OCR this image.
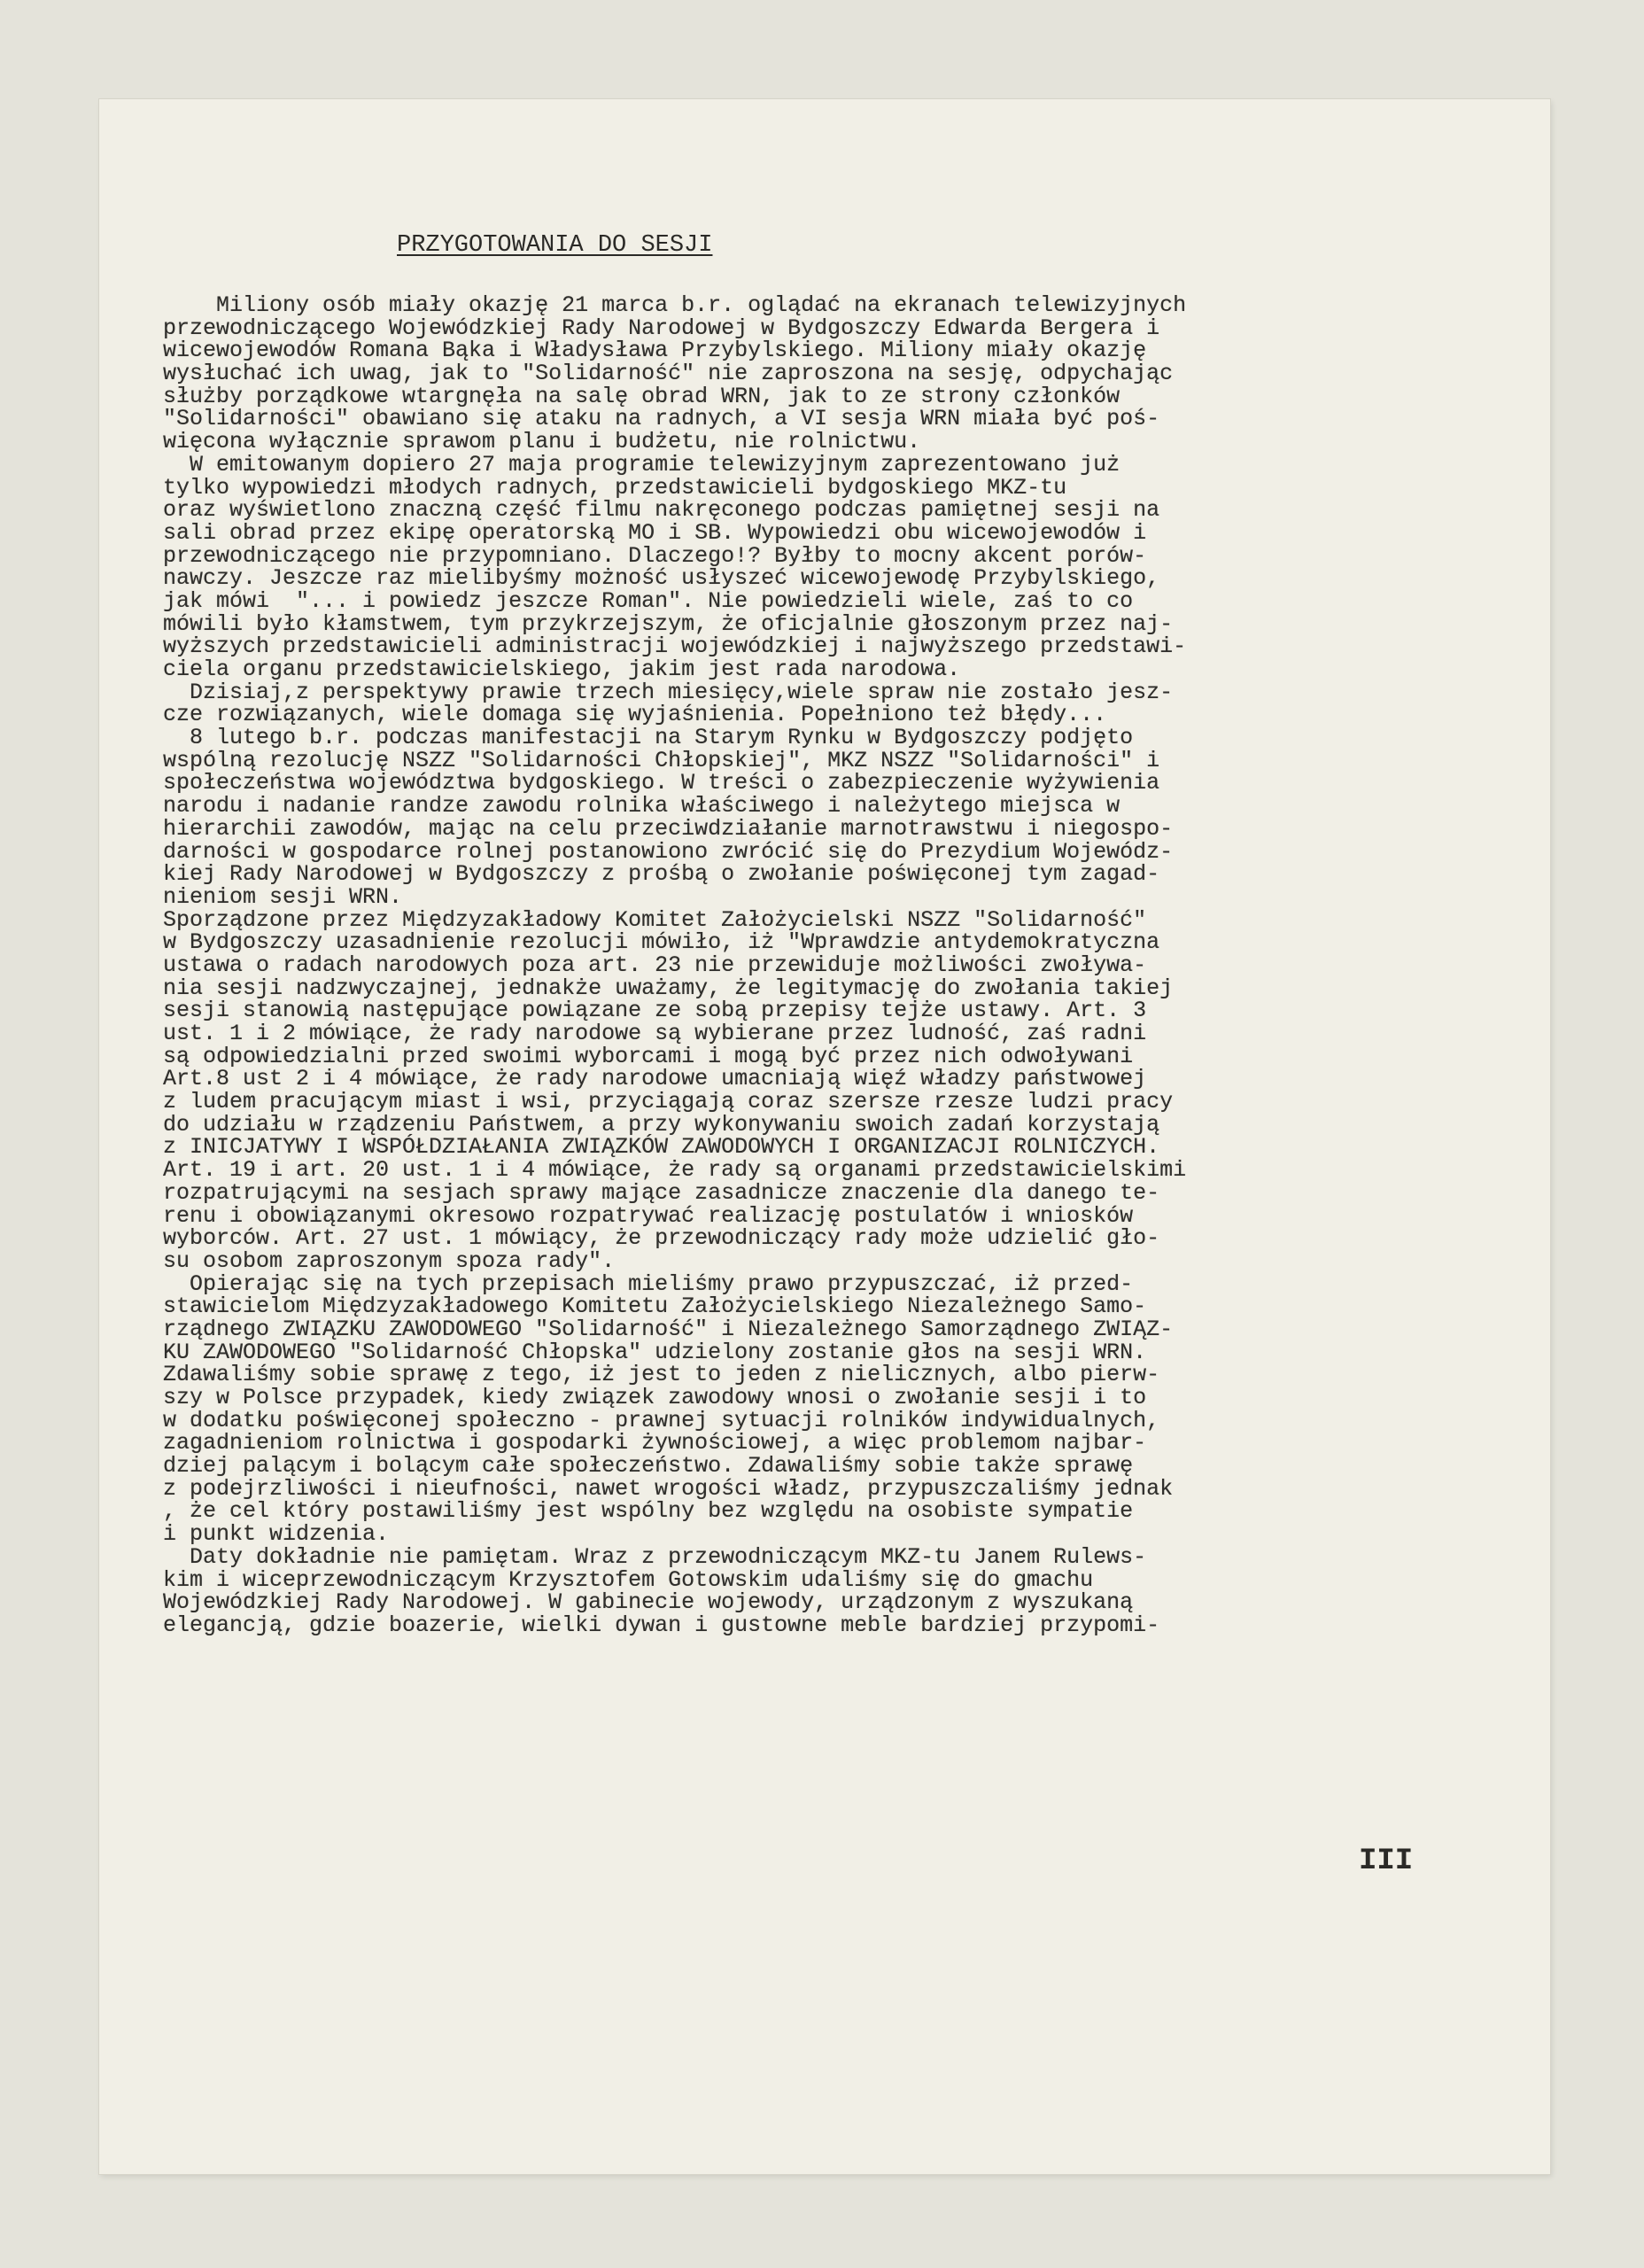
PRZYGOTOWANIA DO SESJI
Miliony osób miały okazję 21 marca b.r. oglądać na ekranach telewizyjnych
przewodniczącego Wojewódzkiej Rady Narodowej w Bydgoszczy Edwarda Bergera i
wicewojewodów Romana Bąka i Władysława Przybylskiego. Miliony miały okazję
wysłuchać ich uwag, jak to "Solidarność" nie zaproszona na sesję, odpychając
służby porządkowe wtargnęła na salę obrad WRN, jak to ze strony członków
"Solidarności" obawiano się ataku na radnych, a VI sesja WRN miała być poś-
więcona wyłącznie sprawom planu i budżetu, nie rolnictwu.
W emitowanym dopiero 27 maja programie telewizyjnym zaprezentowano już
tylko wypowiedzi młodych radnych, przedstawicieli bydgoskiego MKZ-tu
oraz wyświetlono znaczną część filmu nakręconego podczas pamiętnej sesji na
sali obrad przez ekipę operatorską MO i SB. Wypowiedzi obu wicewojewodów i
przewodniczącego nie przypomniano. Dlaczego!? Byłby to mocny akcent porów-
nawczy. Jeszcze raz mielibyśmy możność usłyszeć wicewojewodę Przybylskiego,
jak mówi  "... i powiedz jeszcze Roman". Nie powiedzieli wiele, zaś to co
mówili było kłamstwem, tym przykrzejszym, że oficjalnie głoszonym przez naj-
wyższych przedstawicieli administracji wojewódzkiej i najwyższego przedstawi-
ciela organu przedstawicielskiego, jakim jest rada narodowa.
Dzisiaj,z perspektywy prawie trzech miesięcy,wiele spraw nie zostało jesz-
cze rozwiązanych, wiele domaga się wyjaśnienia. Popełniono też błędy...
8 lutego b.r. podczas manifestacji na Starym Rynku w Bydgoszczy podjęto
wspólną rezolucję NSZZ "Solidarności Chłopskiej", MKZ NSZZ "Solidarności" i
społeczeństwa województwa bydgoskiego. W treści o zabezpieczenie wyżywienia
narodu i nadanie randze zawodu rolnika właściwego i należytego miejsca w
hierarchii zawodów, mając na celu przeciwdziałanie marnotrawstwu i niegospo-
darności w gospodarce rolnej postanowiono zwrócić się do Prezydium Wojewódz-
kiej Rady Narodowej w Bydgoszczy z prośbą o zwołanie poświęconej tym zagad-
nieniom sesji WRN.
Sporządzone przez Międzyzakładowy Komitet Założycielski NSZZ "Solidarność"
w Bydgoszczy uzasadnienie rezolucji mówiło, iż "Wprawdzie antydemokratyczna
ustawa o radach narodowych poza art. 23 nie przewiduje możliwości zwoływa-
nia sesji nadzwyczajnej, jednakże uważamy, że legitymację do zwołania takiej
sesji stanowią następujące powiązane ze sobą przepisy tejże ustawy. Art. 3
ust. 1 i 2 mówiące, że rady narodowe są wybierane przez ludność, zaś radni
są odpowiedzialni przed swoimi wyborcami i mogą być przez nich odwoływani
Art.8 ust 2 i 4 mówiące, że rady narodowe umacniają więź władzy państwowej
z ludem pracującym miast i wsi, przyciągają coraz szersze rzesze ludzi pracy
do udziału w rządzeniu Państwem, a przy wykonywaniu swoich zadań korzystają
z INICJATYWY I WSPÓŁDZIAŁANIA ZWIĄZKÓW ZAWODOWYCH I ORGANIZACJI ROLNICZYCH.
Art. 19 i art. 20 ust. 1 i 4 mówiące, że rady są organami przedstawicielskimi
rozpatrującymi na sesjach sprawy mające zasadnicze znaczenie dla danego te-
renu i obowiązanymi okresowo rozpatrywać realizację postulatów i wniosków
wyborców. Art. 27 ust. 1 mówiący, że przewodniczący rady może udzielić gło-
su osobom zaproszonym spoza rady".
Opierając się na tych przepisach mieliśmy prawo przypuszczać, iż przed-
stawicielom Międzyzakładowego Komitetu Założycielskiego Niezależnego Samo-
rządnego ZWIĄZKU ZAWODOWEGO "Solidarność" i Niezależnego Samorządnego ZWIĄZ-
KU ZAWODOWEGO "Solidarność Chłopska" udzielony zostanie głos na sesji WRN.
Zdawaliśmy sobie sprawę z tego, iż jest to jeden z nielicznych, albo pierw-
szy w Polsce przypadek, kiedy związek zawodowy wnosi o zwołanie sesji i to
w dodatku poświęconej społeczno - prawnej sytuacji rolników indywidualnych,
zagadnieniom rolnictwa i gospodarki żywnościowej, a więc problemom najbar-
dziej palącym i bolącym całe społeczeństwo. Zdawaliśmy sobie także sprawę
z podejrzliwości i nieufności, nawet wrogości władz, przypuszczaliśmy jednak
, że cel który postawiliśmy jest wspólny bez względu na osobiste sympatie
i punkt widzenia.
Daty dokładnie nie pamiętam. Wraz z przewodniczącym MKZ-tu Janem Rulews-
kim i wiceprzewodniczącym Krzysztofem Gotowskim udaliśmy się do gmachu
Wojewódzkiej Rady Narodowej. W gabinecie wojewody, urządzonym z wyszukaną
elegancją, gdzie boazerie, wielki dywan i gustowne meble bardziej przypomi-
III
